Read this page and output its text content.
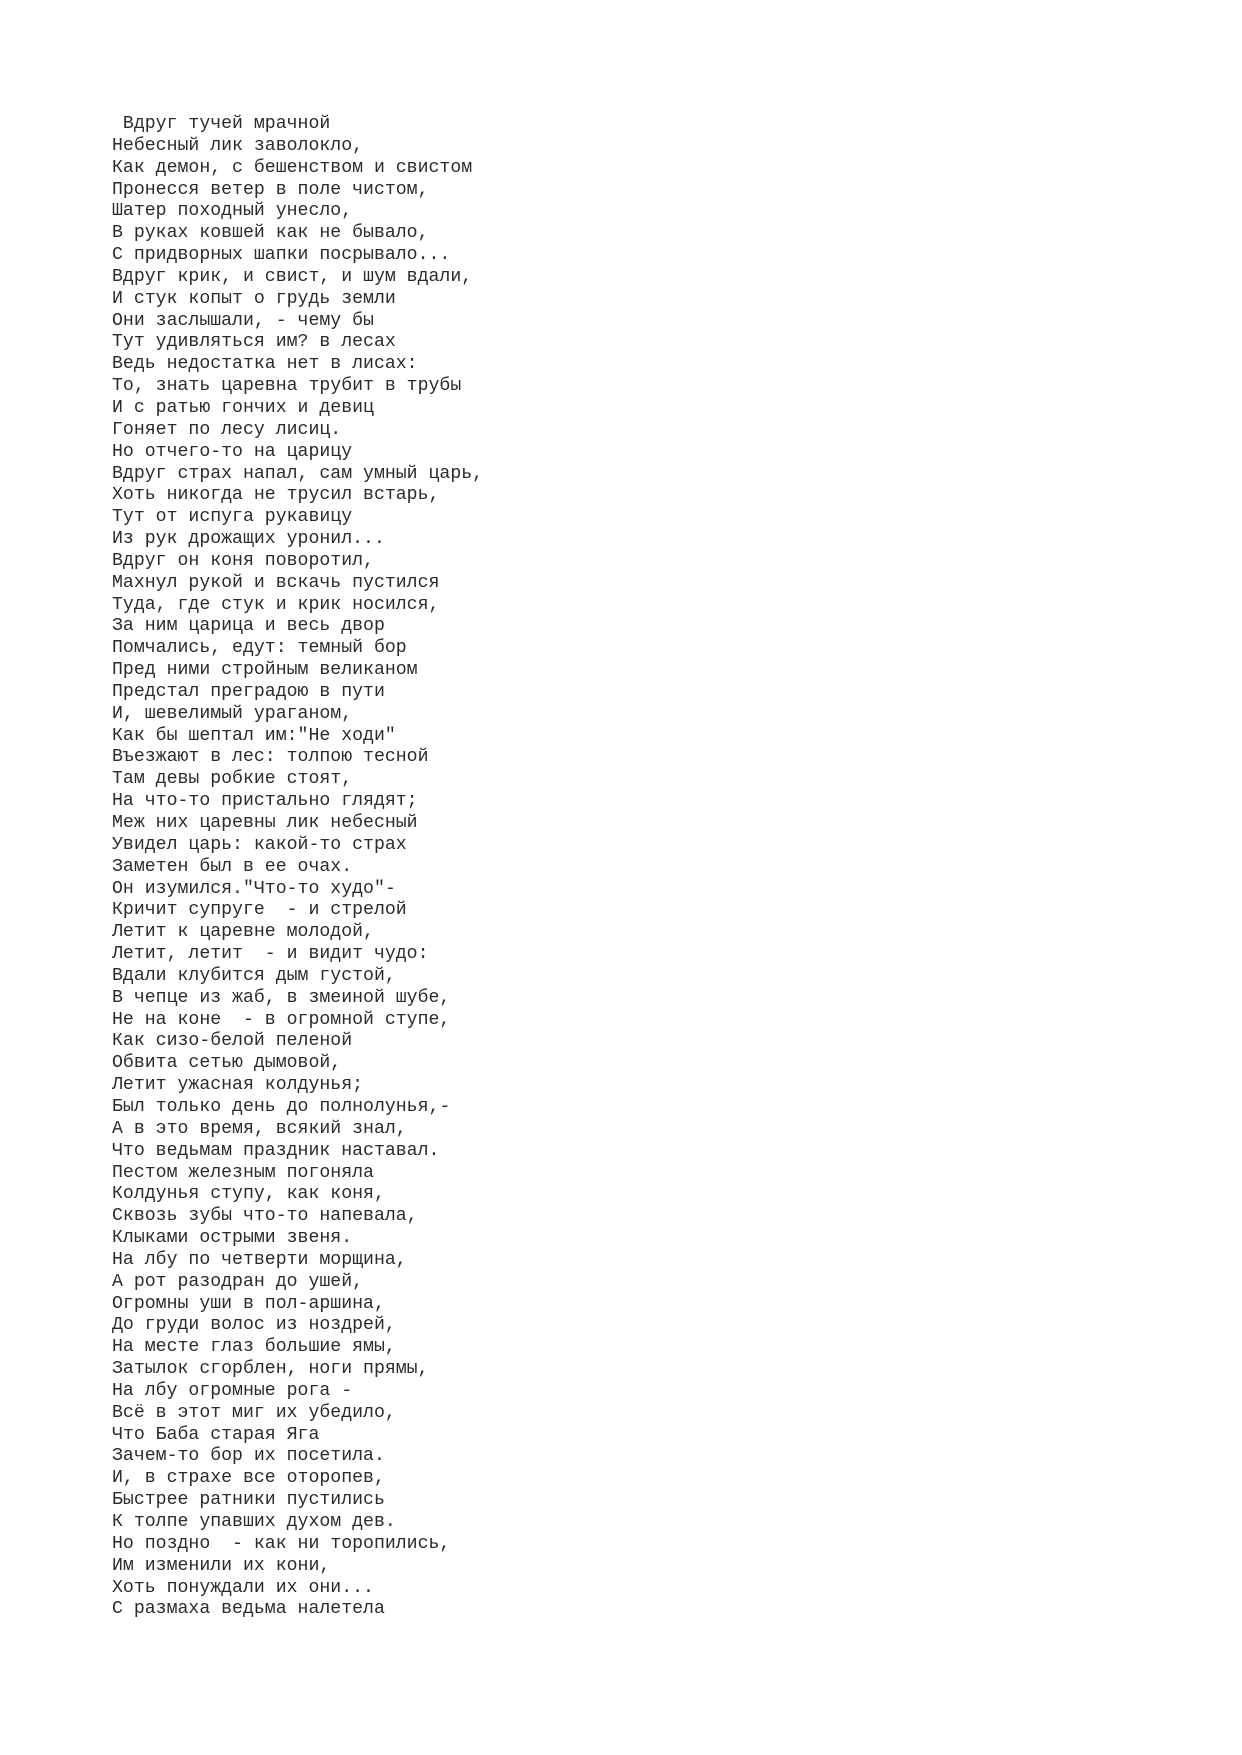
Вдруг тучей мрачной
Небесный лик заволокло,
Как демон, с бешенством и свистом
Пронесся ветер в поле чистом,
Шатер походный унесло,
В руках ковшей как не бывало,
С придворных шапки посрывало...
Вдруг крик, и свист, и шум вдали,
И стук копыт о грудь земли
Они заслышали, - чему бы
Тут удивляться им? в лесах
Ведь недостатка нет в лисах:
То, знать царевна трубит в трубы
И с ратью гончих и девиц
Гоняет по лесу лисиц.
Но отчего-то на царицу
Вдруг страх напал, сам умный царь,
Хоть никогда не трусил встарь,
Тут от испуга рукавицу
Из рук дрожащих уронил...
Вдруг он коня поворотил,
Махнул рукой и вскачь пустился
Туда, где стук и крик носился,
За ним царица и весь двор
Помчались, едут: темный бор
Пред ними стройным великаном
Предстал преградою в пути
И, шевелимый ураганом,
Как бы шептал им:"Не ходи"
Въезжают в лес: толпою тесной
Там девы робкие стоят,
На что-то пристально глядят;
Меж них царевны лик небесный
Увидел царь: какой-то страх
Заметен был в ее очах.
Он изумился."Что-то худо"-
Кричит супруге  - и стрелой
Летит к царевне молодой,
Летит, летит  - и видит чудо:
Вдали клубится дым густой,
В чепце из жаб, в змеиной шубе,
Не на коне  - в огромной ступе,
Как сизо-белой пеленой
Обвита сетью дымовой,
Летит ужасная колдунья;
Был только день до полнолунья,-
А в это время, всякий знал,
Что ведьмам праздник наставал.
Пестом железным погоняла
Колдунья ступу, как коня,
Сквозь зубы что-то напевала,
Клыками острыми звеня.
На лбу по четверти морщина,
А рот разодран до ушей,
Огромны уши в пол-аршина,
До груди волос из ноздрей,
На месте глаз большие ямы,
Затылок сгорблен, ноги прямы,
На лбу огромные рога -
Всё в этот миг их убедило,
Что Баба старая Яга
Зачем-то бор их посетила.
И, в страхе все оторопев,
Быстрее ратники пустились
К толпе упавших духом дев.
Но поздно  - как ни торопились,
Им изменили их кони,
Хоть понуждали их они...
С размаха ведьма налетела
